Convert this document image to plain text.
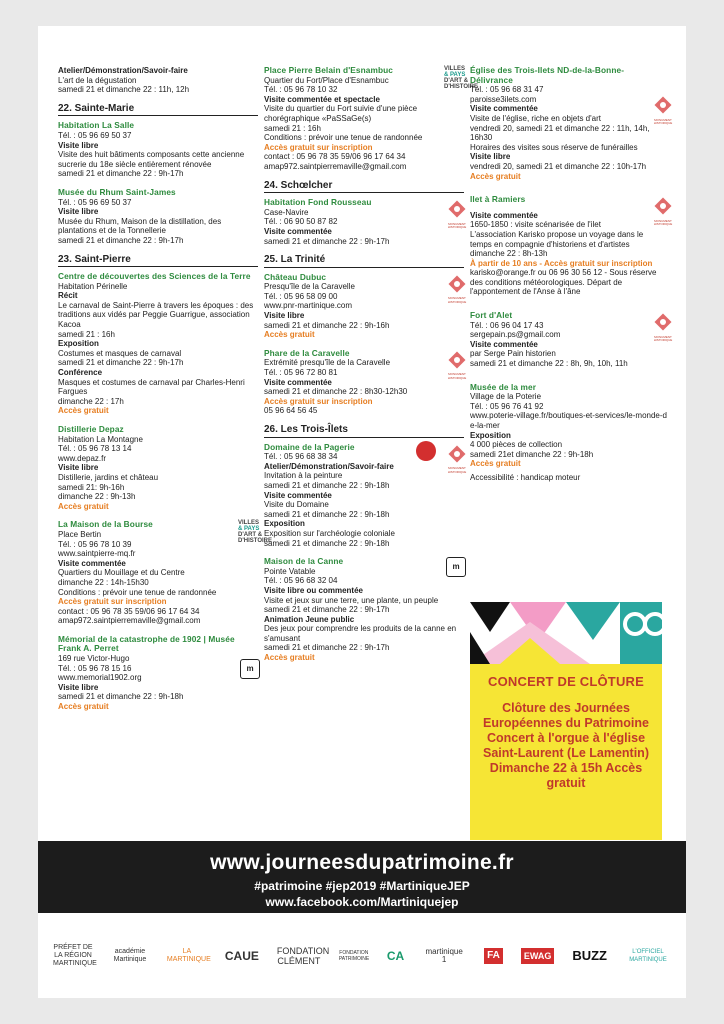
Atelier/Démonstration/Savoir-faire
L'art de la dégustation
samedi 21 et dimanche 22 : 11h, 12h
22. Sainte-Marie
Habitation La Salle
Tél. : 05 96 69 50 37
Visite libre
Visite des huit bâtiments composants cette ancienne sucrerie du 18e siècle entièrement rénovée
samedi 21 et dimanche 22 : 9h-17h
Musée du Rhum Saint-James
Tél. : 05 96 69 50 37
Visite libre
Musée du Rhum, Maison de la distillation, des plantations et de la Tonnellerie
samedi 21 et dimanche 22 : 9h-17h
23. Saint-Pierre
Centre de découvertes des Sciences de la Terre
Habitation Périnelle
Récit
Le carnaval de Saint-Pierre à travers les époques : des traditions aux vidés par Peggie Guarrigue, association Kacoa
samedi 21 : 16h
Exposition
Costumes et masques de carnaval
samedi 21 et dimanche 22 : 9h-17h
Conférence
Masques et costumes de carnaval par Charles-Henri Fargues
dimanche 22 : 17h
Accès gratuit
Distillerie Depaz
Habitation La Montagne
Tél. : 05 96 78 13 14
www.depaz.fr
Visite libre
Distillerie, jardins et château
samedi 21: 9h-16h
dimanche 22 : 9h-13h
Accès gratuit
VILLES
& PAYS
D'ART & D'HISTOIRE
La Maison de la Bourse
Place Bertin
Tél. : 05 96 78 10 39
www.saintpierre-mq.fr
Visite commentée
Quartiers du Mouillage et du Centre
dimanche 22 : 14h-15h30
Conditions : prévoir une tenue de randonnée
Accès gratuit sur inscription
contact : 05 96 78 35 59/06 96 17 64 34
amap972.saintpierremaville@gmail.com
m
Mémorial de la catastrophe de 1902 | Musée Frank A. Perret
169 rue Victor-Hugo
Tél. : 05 96 78 15 16
www.memorial1902.org
Visite libre
samedi 21 et dimanche 22 : 9h-18h
Accès gratuit
VILLES
& PAYS
D'ART & D'HISTOIRE
Place Pierre Belain d'Esnambuc
Quartier du Fort/Place d'Esnambuc
Tél. : 05 96 78 10 32
Visite commentée et spectacle
Visite du quartier du Fort suivie d'une pièce chorégraphique «PaSSaGe(s)
samedi 21 : 16h
Conditions : prévoir une tenue de randonnée
Accès gratuit sur inscription
contact : 05 96 78 35 59/06 96 17 64 34
amap972.saintpierremaville@gmail.com
24. Schœlcher
MONUMENT HISTORIQUE
Habitation Fond Rousseau
Case-Navire
Tél. : 06 90 50 87 82
Visite commentée
samedi 21 et dimanche 22 : 9h-17h
25. La Trinité
MONUMENT HISTORIQUE
Château Dubuc
Presqu'île de la Caravelle
Tél. : 05 96 58 09 00
www.pnr-martinique.com
Visite libre
samedi 21 et dimanche 22 : 9h-16h
Accès gratuit
MONUMENT HISTORIQUE
Phare de la Caravelle
Extrémité presqu'île de la Caravelle
Tél. : 05 96 72 80 81
Visite commentée
samedi 21 et dimanche 22 : 8h30-12h30
Accès gratuit sur inscription
05 96 64 56 45
26. Les Trois-Îlets
MONUMENT HISTORIQUE
Domaine de la Pagerie
Tél. : 05 96 68 38 34
Atelier/Démonstration/Savoir-faire
Invitation à la peinture
samedi 21 et dimanche 22 : 9h-18h
Visite commentée
Visite du Domaine
samedi 21 et dimanche 22 : 9h-18h
Exposition
Exposition sur l'archéologie coloniale
samedi 21 et dimanche 22 : 9h-18h
m
Maison de la Canne
Pointe Vatable
Tél. : 05 96 68 32 04
Visite libre ou commentée
Visite et jeux sur une terre, une plante, un peuple
samedi 21 et dimanche 22 : 9h-17h
Animation Jeune public
Des jeux pour comprendre les produits de la canne en s'amusant
samedi 21 et dimanche 22 : 9h-17h
Accès gratuit
MONUMENT HISTORIQUE
Église des Trois-Ilets ND-de-la-Bonne-Délivrance
Tél. : 05 96 68 31 47
paroisse3ilets.com
Visite commentée
Visite de l'église, riche en objets d'art
vendredi 20, samedi 21 et dimanche 22 : 11h, 14h, 16h30
Horaires des visites sous réserve de funérailles
Visite libre
vendredi 20, samedi 21 et dimanche 22 : 10h-17h
Accès gratuit
MONUMENT HISTORIQUE
Ilet à Ramiers
Visite commentée
1650-1850 : visite scénarisée de l'ilet L'association Karisko propose un voyage dans le temps en compagnie d'historiens et d'artistes
dimanche 22 : 8h-13h
À partir de 10 ans - Accès gratuit sur inscription
karisko@orange.fr ou 06 96 30 56 12 - Sous réserve des conditions météorologiques. Départ de l'appontement de l'Anse à l'âne
MONUMENT HISTORIQUE
Fort d'Alet
Tél. : 06 96 04 17 43
sergepain.ps@gmail.com
Visite commentée
par Serge Pain historien
samedi 21 et dimanche 22 : 8h, 9h, 10h, 11h
Musée de la mer
Village de la Poterie
Tél. : 05 96 76 41 92
www.poterie-village.fr/boutiques-et-services/le-monde-de-la-mer
Exposition
4 000 pièces de collection
samedi 21et dimanche 22 : 9h-18h
Accès gratuit
Accessibilité : handicap moteur
CONCERT DE CLÔTURE
Clôture des Journées Européennes du Patrimoine Concert à l'orgue à l'église Saint-Laurent (Le Lamentin) Dimanche 22 à 15h Accès gratuit
www.journeesdupatrimoine.fr
#patrimoine #jep2019 #MartiniqueJEP
www.facebook.com/Martiniquejep
PRÉFET DE LA RÉGION MARTINIQUE
académie Martinique
LA MARTINIQUE CAUE FONDATION CLÉMENT
FONDATION PATRIMOINE CA	martinique 1	FA	EWAG BUZZ	L'OFFICIEL MARTINIQUE
